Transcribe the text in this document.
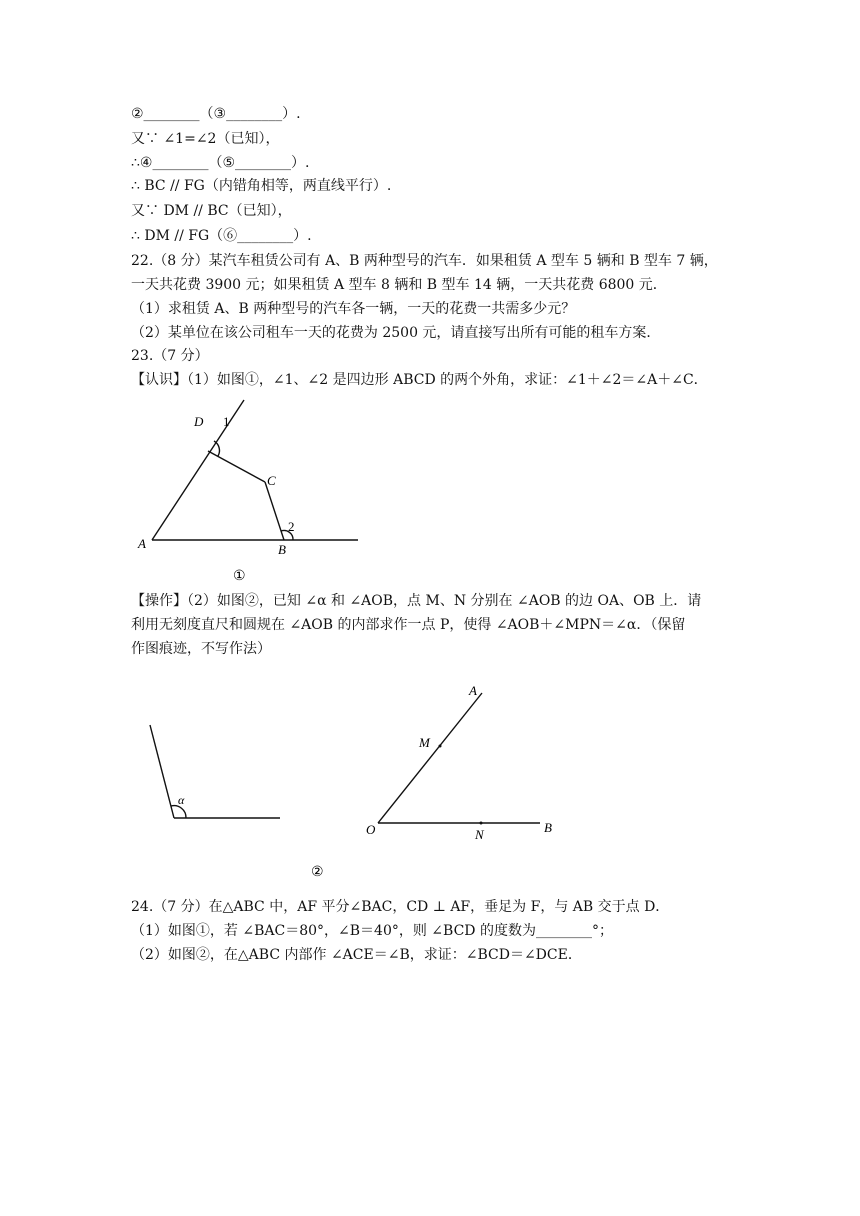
②________（③________）.
又∵ ∠1=∠2（已知），
∴④________（⑤________）.
∴ BC // FG（内错角相等，两直线平行）.
又∵ DM // BC（已知），
∴ DM // FG（⑥________）.
22.（8 分）某汽车租赁公司有 A、B 两种型号的汽车．如果租赁 A 型车 5 辆和 B 型车 7 辆，
一天共花费 3900 元；如果租赁 A 型车 8 辆和 B 型车 14 辆，一天共花费 6800 元．
（1）求租赁 A、B 两种型号的汽车各一辆，一天的花费一共需多少元？
（2）某单位在该公司租车一天的花费为 2500 元，请直接写出所有可能的租车方案．
23.（7 分）
【认识】（1）如图①，∠1、∠2 是四边形 ABCD 的两个外角，求证：∠1＋∠2＝∠A＋∠C．
D 1
C
2
A	B
①
【操作】（2）如图②，已知 ∠α 和 ∠AOB，点 M、N 分别在 ∠AOB 的边 OA、OB 上．请
利用无刻度直尺和圆规在 ∠AOB 的内部求作一点 P，使得 ∠AOB＋∠MPN＝∠α．（保留
作图痕迹，不写作法）
α
A
M
O	N	B
②
24.（7 分）在△ABC 中，AF 平分∠BAC，CD ⊥ AF，垂足为 F，与 AB 交于点 D．
（1）如图①，若 ∠BAC＝80°，∠B＝40°，则 ∠BCD 的度数为________°；
（2）如图②，在△ABC 内部作 ∠ACE＝∠B，求证：∠BCD＝∠DCE．
